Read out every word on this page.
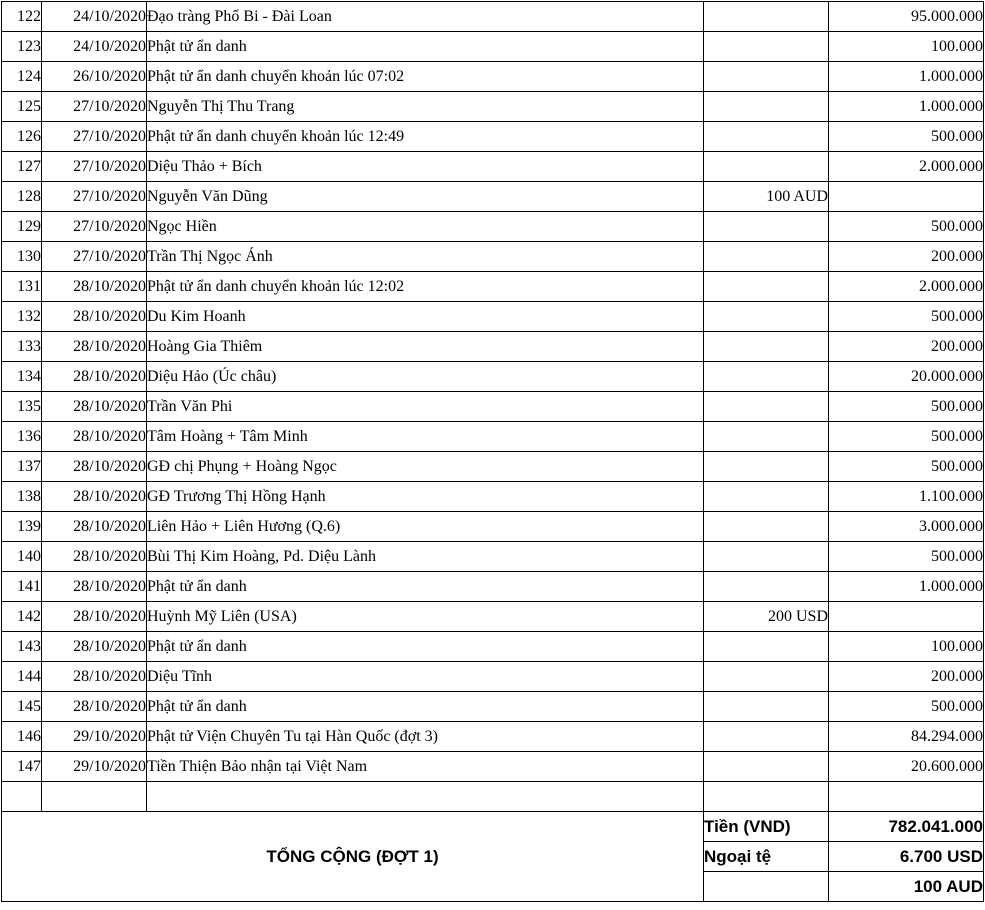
122	24/10/2020	Đạo tràng Phổ Bi - Đài Loan		95.000.000
123	24/10/2020	Phật tử ẩn danh		100.000
124	26/10/2020	Phật tử ẩn danh chuyển khoản lúc 07:02		1.000.000
125	27/10/2020	Nguyễn Thị Thu Trang		1.000.000
126	27/10/2020	Phật tử ẩn danh chuyển khoản lúc 12:49		500.000
127	27/10/2020	Diệu Thảo + Bích		2.000.000
128	27/10/2020	Nguyễn Văn Dũng	100 AUD	
129	27/10/2020	Ngọc Hiền		500.000
130	27/10/2020	Trần Thị Ngọc Ánh		200.000
131	28/10/2020	Phật tử ẩn danh chuyển khoản lúc 12:02		2.000.000
132	28/10/2020	Du Kim Hoanh		500.000
133	28/10/2020	Hoàng Gia Thiêm		200.000
134	28/10/2020	Diệu Hảo (Úc châu)		20.000.000
135	28/10/2020	Trần Văn Phi		500.000
136	28/10/2020	Tâm Hoàng + Tâm Minh		500.000
137	28/10/2020	GĐ chị Phụng + Hoàng Ngọc		500.000
138	28/10/2020	GĐ Trương Thị Hồng Hạnh		1.100.000
139	28/10/2020	Liên Hảo + Liên Hương (Q.6)		3.000.000
140	28/10/2020	Bùi Thị Kim Hoàng, Pd. Diệu Lành		500.000
141	28/10/2020	Phật tử ẩn danh		1.000.000
142	28/10/2020	Huỳnh Mỹ Liên (USA)	200 USD	
143	28/10/2020	Phật tử ẩn danh		100.000
144	28/10/2020	Diệu Tĩnh		200.000
145	28/10/2020	Phật tử ẩn danh		500.000
146	29/10/2020	Phật tử Viện Chuyên Tu tại Hàn Quốc (đợt 3)		84.294.000
147	29/10/2020	Tiền Thiện Bảo nhận tại Việt Nam		20.600.000

TỔNG CỘNG (ĐỢT 1)			Tiền (VND)	782.041.000
			Ngoại tệ	6.700 USD
				100 AUD
